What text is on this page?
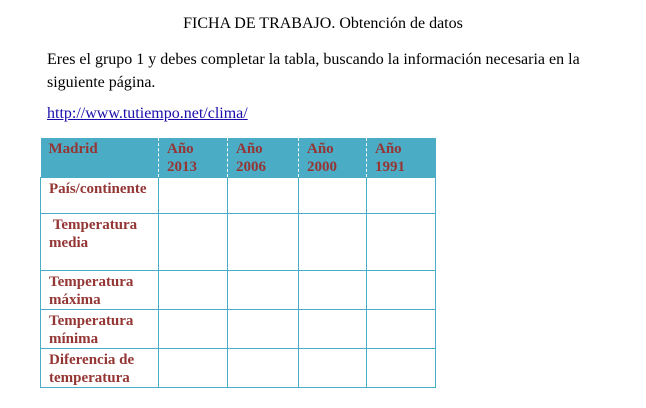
FICHA DE TRABAJO. Obtención de datos
Eres el grupo 1 y debes completar la tabla, buscando la información necesaria en la siguiente página.
http://www.tutiempo.net/clima/
Madrid	Año 2013	Año 2006	Año 2000	Año 1991
País/continente				
Temperatura media				
Temperatura máxima				
Temperatura mínima				
Diferencia de temperatura				
